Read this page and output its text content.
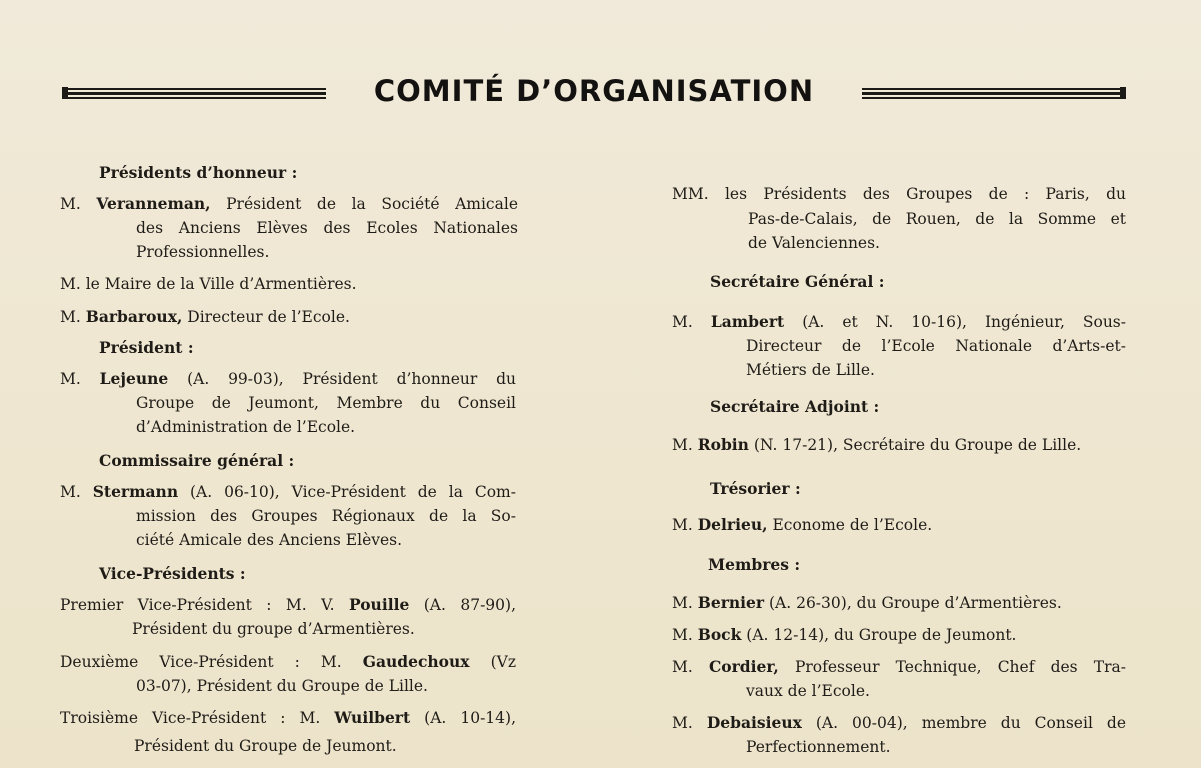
COMITÉ D’ORGANISATION
Présidents d’honneur :
M. Veranneman, Président de la Société Amicale
des Anciens Elèves des Ecoles Nationales
Professionnelles.
M. le Maire de la Ville d’Armentières.
M. Barbaroux, Directeur de l’Ecole.
Président :
M. Lejeune (A. 99-03), Président d’honneur du
Groupe de Jeumont, Membre du Conseil
d’Administration de l’Ecole.
Commissaire général :
M. Stermann (A. 06-10), Vice-Président de la Com-
mission des Groupes Régionaux de la So-
ciété Amicale des Anciens Elèves.
Vice-Présidents :
Premier Vice-Président : M. V. Pouille (A. 87-90),
Président du groupe d’Armentières.
Deuxième Vice-Président : M. Gaudechoux (Vz
03-07), Président du Groupe de Lille.
Troisième Vice-Président : M. Wuilbert (A. 10-14),
Président du Groupe de Jeumont.
MM. les Présidents des Groupes de : Paris, du
Pas-de-Calais, de Rouen, de la Somme et
de Valenciennes.
Secrétaire Général :
M. Lambert (A. et N. 10-16), Ingénieur, Sous-
Directeur de l’Ecole Nationale d’Arts-et-
Métiers de Lille.
Secrétaire Adjoint :
M. Robin (N. 17-21), Secrétaire du Groupe de Lille.
Trésorier :
M. Delrieu, Econome de l’Ecole.
Membres :
M. Bernier (A. 26-30), du Groupe d’Armentières.
M. Bock (A. 12-14), du Groupe de Jeumont.
M. Cordier, Professeur Technique, Chef des Tra-
vaux de l’Ecole.
M. Debaisieux (A. 00-04), membre du Conseil de
Perfectionnement.
